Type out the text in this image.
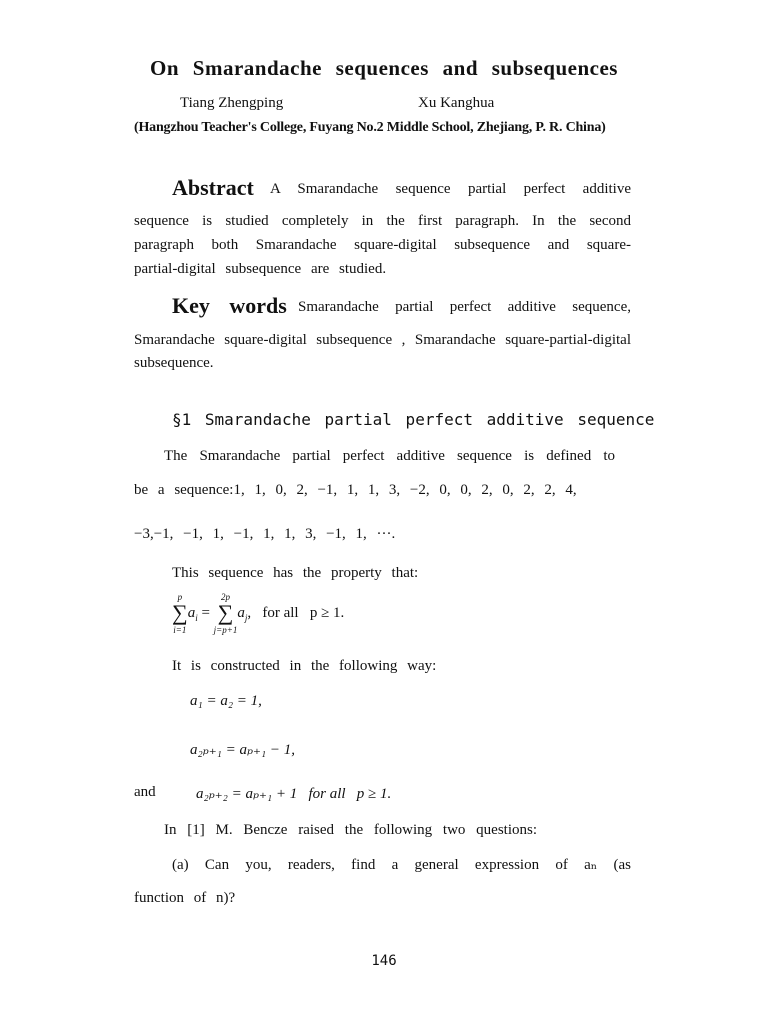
On Smarandache sequences and subsequences
Tiang Zhengping	Xu Kanghua
(Hangzhou Teacher's College, Fuyang No.2 Middle School, Zhejiang, P. R. China)
Abstract A Smarandache sequence partial perfect additive
sequence is studied completely in the first paragraph. In the second
paragraph both Smarandache square-digital subsequence and square-
partial-digital subsequence are studied.
Key words Smarandache partial perfect additive sequence,
Smarandache square-digital subsequence , Smarandache square-partial-digital
subsequence.
§1 Smarandache partial perfect additive sequence
The Smarandache partial perfect additive sequence is defined to
be a sequence:1, 1, 0, 2, −1, 1, 1, 3, −2, 0, 0, 2, 0, 2, 2, 4,
−3,−1, −1, 1, −1, 1, 1, 3, −1, 1, ···.
This sequence has the property that:
p
∑
i=1
$a_i$ =
2p
∑
j=p+1
$a_j$,   for all   p ≥ 1.
It is constructed in the following way:
a₁ = a₂ = 1,
a₂ₚ₊₁ = aₚ₊₁ − 1,
and	a₂ₚ₊₂ = aₚ₊₁ + 1   for all   p ≥ 1.
In [1] M. Bencze raised the following two questions:
(a) Can you, readers, find a general expression of aₙ (as
function of n)?
146
